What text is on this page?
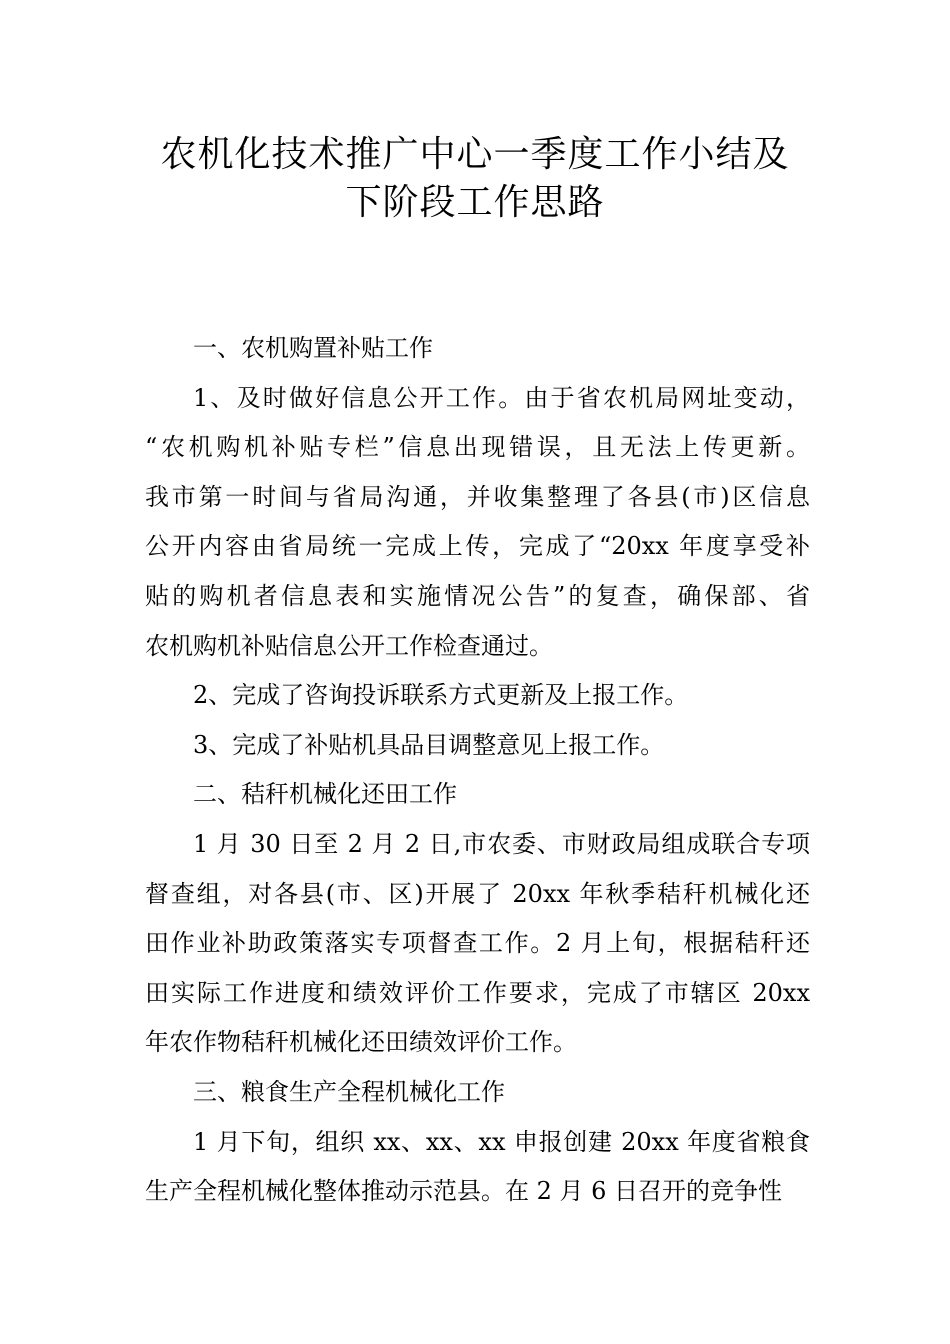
农机化技术推广中心一季度工作小结及
下阶段工作思路
一、农机购置补贴工作
1、及时做好信息公开工作。由于省农机局网址变动，
“农机购机补贴专栏”信息出现错误，且无法上传更新。
我市第一时间与省局沟通，并收集整理了各县(市)区信息
公开内容由省局统一完成上传，完成了“20xx 年度享受补
贴的购机者信息表和实施情况公告”的复查，确保部、省
农机购机补贴信息公开工作检查通过。
2、完成了咨询投诉联系方式更新及上报工作。
3、完成了补贴机具品目调整意见上报工作。
二、秸秆机械化还田工作
1 月 30 日至 2 月 2 日,市农委、市财政局组成联合专项
督查组，对各县(市、区)开展了 20xx 年秋季秸秆机械化还
田作业补助政策落实专项督查工作。2 月上旬，根据秸秆还
田实际工作进度和绩效评价工作要求，完成了市辖区 20xx
年农作物秸秆机械化还田绩效评价工作。
三、粮食生产全程机械化工作
1 月下旬，组织 xx、xx、xx 申报创建 20xx 年度省粮食
生产全程机械化整体推动示范县。在 2 月 6 日召开的竞争性
